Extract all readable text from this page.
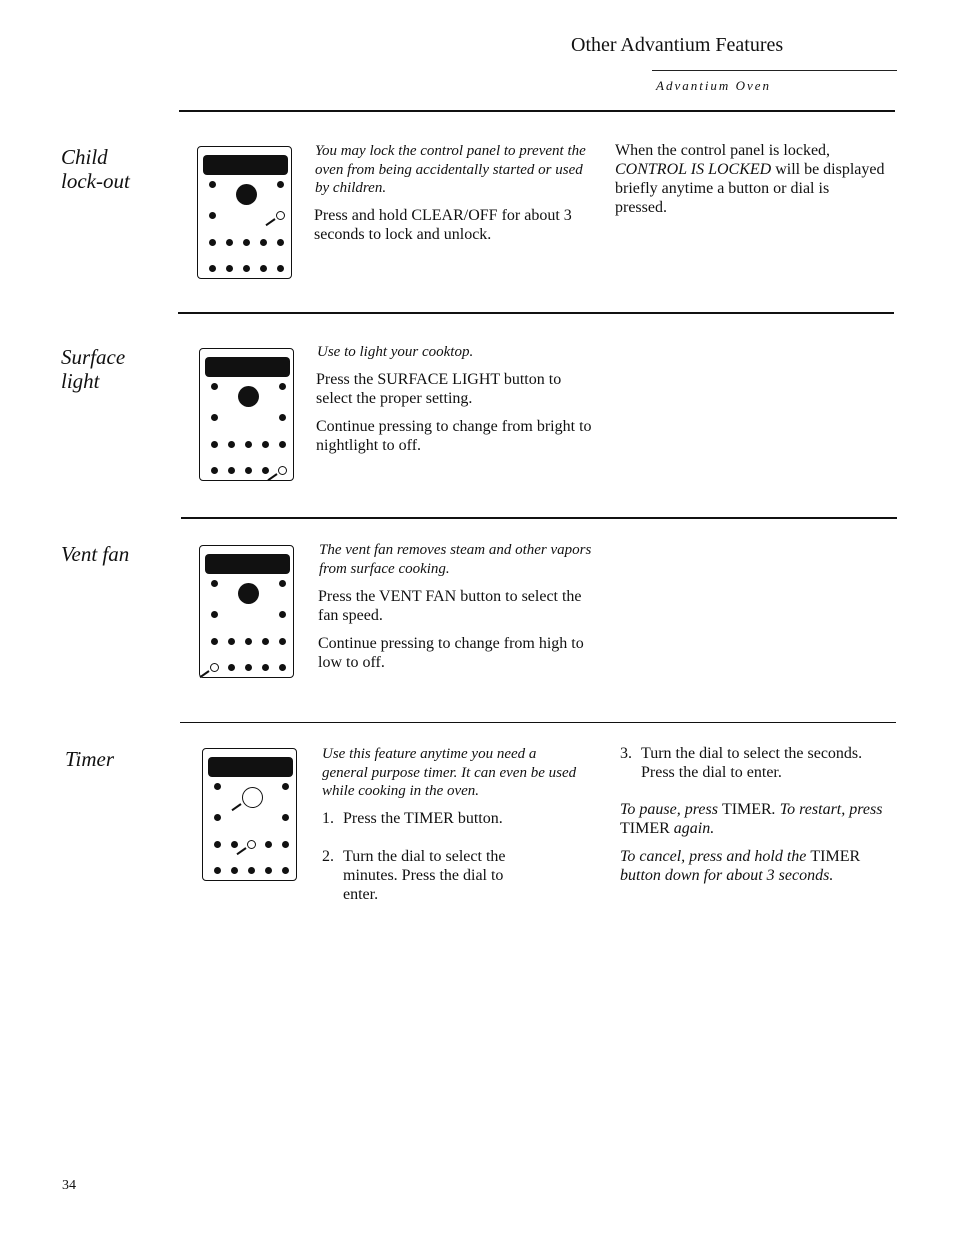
Other Advantium Features
Advantium Oven
Child
lock-out
You may lock the control panel to prevent the oven from being accidentally started or used by children.
Press and hold CLEAR/OFF for about 3 seconds to lock and unlock.
When the control panel is locked, CONTROL IS LOCKED will be displayed briefly anytime a button or dial is pressed.
Surface
light
Use to light your cooktop.
Press the SURFACE LIGHT button to select the proper setting.
Continue pressing to change from bright to nightlight to off.
Vent fan	The vent fan removes steam and other vapors from surface cooking.
Press the VENT FAN button to select the fan speed.
Continue pressing to change from high to low to off.
Timer	Use this feature anytime you need a general purpose timer. It can even be used while cooking in the oven.
1. Press the TIMER button.
2. Turn the dial to select the minutes. Press the dial to enter.
3. Turn the dial to select the seconds. Press the dial to enter.
To pause, press TIMER. To restart, press TIMER again.
To cancel, press and hold the TIMER button down for about 3 seconds.
34
